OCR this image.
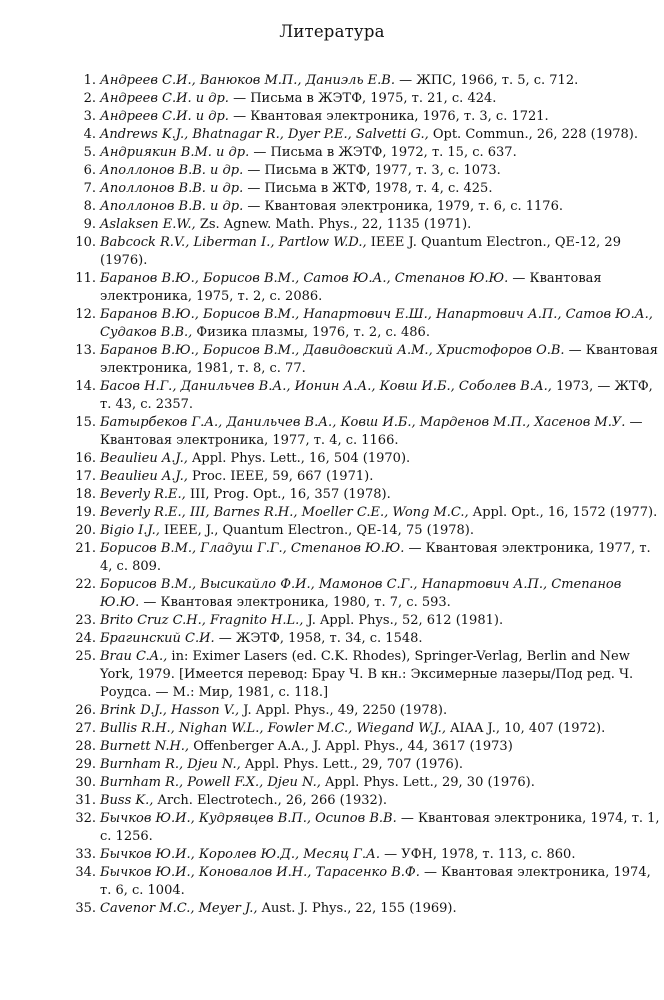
Литература
1. Андреев С.И., Ванюков М.П., Даниэль Е.В. — ЖПС, 1966, т. 5, с. 712.
2. Андреев С.И. и др. — Письма в ЖЭТФ, 1975, т. 21, с. 424.
3. Андреев С.И. и др. — Квантовая электроника, 1976, т. 3, с. 1721.
4. Andrews K.J., Bhatnagar R., Dyer P.E., Salvetti G., Opt. Commun., 26, 228 (1978).
5. Андриякин В.М. и др. — Письма в ЖЭТФ, 1972, т. 15, с. 637.
6. Аполлонов В.В. и др. — Письма в ЖТФ, 1977, т. 3, с. 1073.
7. Аполлонов В.В. и др. — Письма в ЖТФ, 1978, т. 4, с. 425.
8. Аполлонов В.В. и др. — Квантовая электроника, 1979, т. 6, с. 1176.
9. Aslaksen E.W., Zs. Agnew. Math. Phys., 22, 1135 (1971).
10. Babcock R.V., Liberman I., Partlow W.D., IEEE J. Quantum Electron., QE-12, 29 (1976).
11. Баранов В.Ю., Борисов В.М., Сатов Ю.А., Степанов Ю.Ю. — Квантовая электроника, 1975, т. 2, с. 2086.
12. Баранов В.Ю., Борисов В.М., Напартович Е.Ш., Напартович А.П., Сатов Ю.А., Судаков В.В., Физика плазмы, 1976, т. 2, с. 486.
13. Баранов В.Ю., Борисов В.М., Давидовский А.М., Христофоров О.В. — Квантовая электроника, 1981, т. 8, с. 77.
14. Басов Н.Г., Данильчев В.А., Ионин А.А., Ковш И.Б., Соболев В.А., 1973, — ЖТФ, т. 43, с. 2357.
15. Батырбеков Г.А., Данильчев В.А., Ковш И.Б., Марденов М.П., Хасенов М.У. — Квантовая электроника, 1977, т. 4, с. 1166.
16. Beaulieu A.J., Appl. Phys. Lett., 16, 504 (1970).
17. Beaulieu A.J., Proc. IEEE, 59, 667 (1971).
18. Beverly R.E., III, Prog. Opt., 16, 357 (1978).
19. Beverly R.E., III, Barnes R.H., Moeller C.E., Wong M.C., Appl. Opt., 16, 1572 (1977).
20. Bigio I.J., IEEE, J., Quantum Electron., QE-14, 75 (1978).
21. Борисов В.М., Гладуш Г.Г., Степанов Ю.Ю. — Квантовая электроника, 1977, т. 4, с. 809.
22. Борисов В.М., Высикайло Ф.И., Мамонов С.Г., Напартович А.П., Степанов Ю.Ю. — Квантовая электроника, 1980, т. 7, с. 593.
23. Brito Cruz C.H., Fragnito H.L., J. Appl. Phys., 52, 612 (1981).
24. Брагинский С.И. — ЖЭТФ, 1958, т. 34, с. 1548.
25. Brau C.A., in: Eximer Lasers (ed. C.K. Rhodes), Springer-Verlag, Berlin and New York, 1979. [Имеется перевод: Брау Ч. В кн.: Эксимерные лазеры/Под ред. Ч. Роудса. — М.: Мир, 1981, с. 118.]
26. Brink D.J., Hasson V., J. Appl. Phys., 49, 2250 (1978).
27. Bullis R.H., Nighan W.L., Fowler M.C., Wiegand W.J., AIAA J., 10, 407 (1972).
28. Burnett N.H., Offenberger A.A., J. Appl. Phys., 44, 3617 (1973)
29. Burnham R., Djeu N., Appl. Phys. Lett., 29, 707 (1976).
30. Burnham R., Powell F.X., Djeu N., Appl. Phys. Lett., 29, 30 (1976).
31. Buss K., Arch. Electrotech., 26, 266 (1932).
32. Бычков Ю.И., Кудрявцев В.П., Осипов В.В. — Квантовая электроника, 1974, т. 1, с. 1256.
33. Бычков Ю.И., Королев Ю.Д., Месяц Г.А. — УФН, 1978, т. 113, с. 860.
34. Бычков Ю.И., Коновалов И.Н., Тарасенко В.Ф. — Квантовая электроника, 1974, т. 6, с. 1004.
35. Cavenor M.C., Meyer J., Aust. J. Phys., 22, 155 (1969).
